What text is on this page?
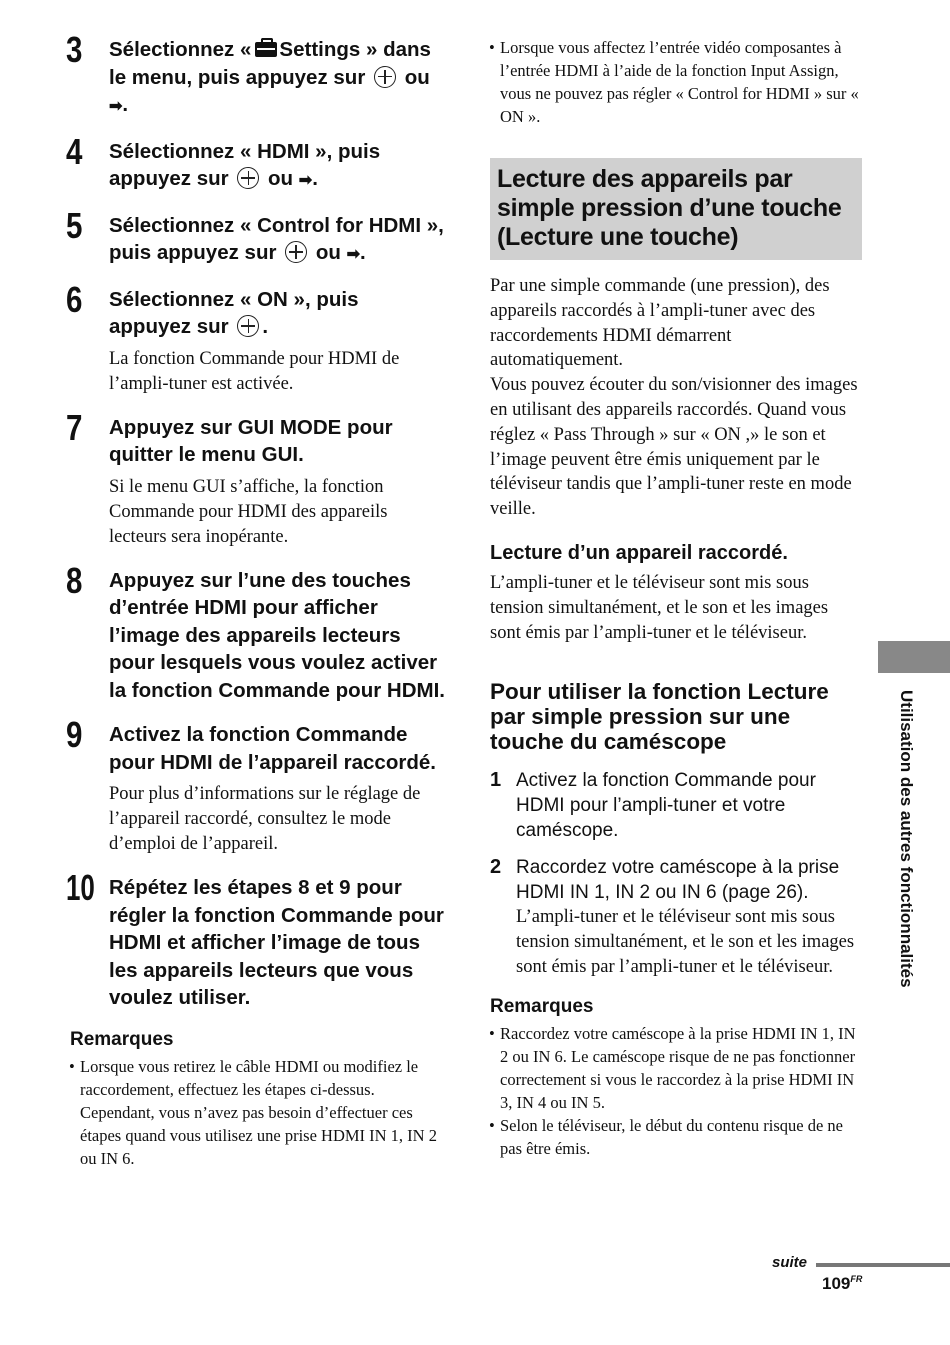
3 Sélectionnez « Settings » dans le menu, puis appuyez sur ou ➡.
4 Sélectionnez « HDMI », puis appuyez sur ou ➡.
5 Sélectionnez « Control for HDMI », puis appuyez sur ou ➡.
6 Sélectionnez « ON », puis appuyez sur .
La fonction Commande pour HDMI de l’ampli-tuner est activée.
7 Appuyez sur GUI MODE pour quitter le menu GUI.
Si le menu GUI s’affiche, la fonction Commande pour HDMI des appareils lecteurs sera inopérante.
8 Appuyez sur l’une des touches d’entrée HDMI pour afficher l’image des appareils lecteurs pour lesquels vous voulez activer la fonction Commande pour HDMI.
9 Activez la fonction Commande pour HDMI de l’appareil raccordé.
Pour plus d’informations sur le réglage de l’appareil raccordé, consultez le mode d’emploi de l’appareil.
10 Répétez les étapes 8 et 9 pour régler la fonction Commande pour HDMI et afficher l’image de tous les appareils lecteurs que vous voulez utiliser.
Remarques
• Lorsque vous retirez le câble HDMI ou modifiez le raccordement, effectuez les étapes ci-dessus. Cependant, vous n’avez pas besoin d’effectuer ces étapes quand vous utilisez une prise HDMI IN 1, IN 2 ou IN 6.
• Lorsque vous affectez l’entrée vidéo composantes à l’entrée HDMI à l’aide de la fonction Input Assign, vous ne pouvez pas régler « Control for HDMI » sur « ON ».
Lecture des appareils par simple pression d’une touche (Lecture une touche)

Par une simple commande (une pression), des appareils raccordés à l’ampli-tuner avec des raccordements HDMI démarrent automatiquement.

Vous pouvez écouter du son/visionner des images en utilisant des appareils raccordés. Quand vous réglez « Pass Through » sur « ON ,» le son et l’image peuvent être émis uniquement par le téléviseur tandis que l’ampli-tuner reste en mode veille.

Lecture d’un appareil raccordé.

L’ampli-tuner et le téléviseur sont mis sous tension simultanément, et le son et les images sont émis par l’ampli-tuner et le téléviseur.

Pour utiliser la fonction Lecture par simple pression sur une touche du caméscope
1 Activez la fonction Commande pour HDMI pour l’ampli-tuner et votre caméscope.
2 Raccordez votre caméscope à la prise HDMI IN 1, IN 2 ou IN 6 (page 26).
L’ampli-tuner et le téléviseur sont mis sous tension simultanément, et le son et les images sont émis par l’ampli-tuner et le téléviseur.
Remarques
• Raccordez votre caméscope à la prise HDMI IN 1, IN 2 ou IN 6. Le caméscope risque de ne pas fonctionner correctement si vous le raccordez à la prise HDMI IN 3, IN 4 ou IN 5.
• Selon le téléviseur, le début du contenu risque de ne pas être émis.
Utilisation des autres fonctionnalités
suite
$109^{FR}$
